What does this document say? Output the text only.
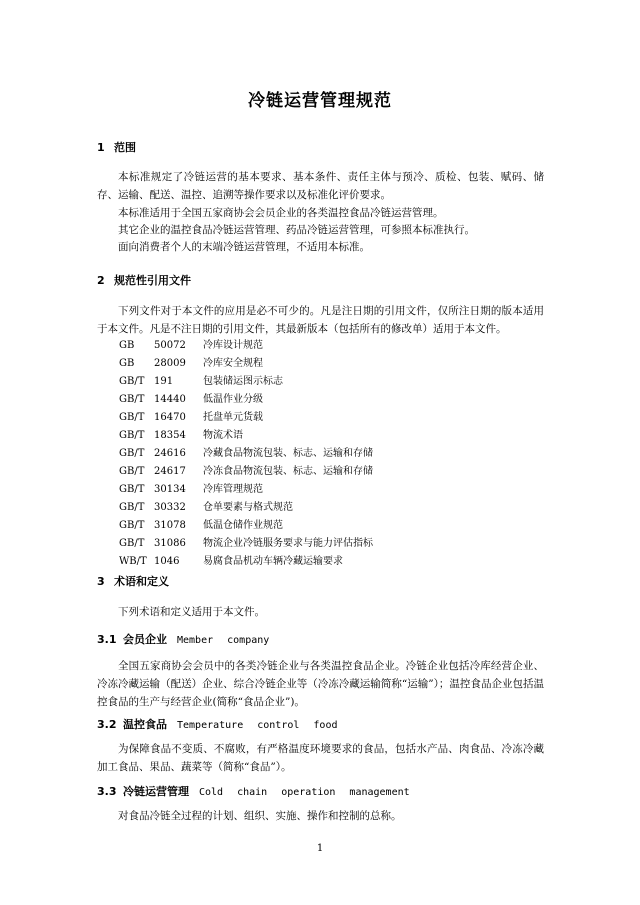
冷链运营管理规范
1 范围
本标准规定了冷链运营的基本要求、基本条件、责任主体与预冷、质检、包装、赋码、储存、运输、配送、温控、追溯等操作要求以及标准化评价要求。
本标准适用于全国五家商协会会员企业的各类温控食品冷链运营管理。
其它企业的温控食品冷链运营管理、药品冷链运营管理，可参照本标准执行。
面向消费者个人的末端冷链运营管理，不适用本标准。
2 规范性引用文件
下列文件对于本文件的应用是必不可少的。凡是注日期的引用文件，仅所注日期的版本适用于本文件。凡是不注日期的引用文件，其最新版本（包括所有的修改单）适用于本文件。
GB 50072 冷库设计规范
GB 28009 冷库安全规程
GB/T 191	包装储运图示标志
GB/T 14440 低温作业分级
GB/T 16470 托盘单元货载
GB/T 18354 物流术语
GB/T 24616 冷藏食品物流包装、标志、运输和存储
GB/T 24617 冷冻食品物流包装、标志、运输和存储
GB/T 30134 冷库管理规范
GB/T 30332 仓单要素与格式规范
GB/T 31078 低温仓储作业规范
GB/T 31086 物流企业冷链服务要求与能力评估指标
WB/T 1046 易腐食品机动车辆冷藏运输要求
3 术语和定义
下列术语和定义适用于本文件。
3.1 会员企业 Member company
全国五家商协会会员中的各类冷链企业与各类温控食品企业。冷链企业包括冷库经营企业、冷冻冷藏运输（配送）企业、综合冷链企业等（冷冻冷藏运输简称“运输”）；温控食品企业包括温控食品的生产与经营企业(简称“食品企业”)。
3.2 温控食品 Temperature control food
为保障食品不变质、不腐败，有严格温度环境要求的食品，包括水产品、肉食品、冷冻冷藏加工食品、果品、蔬菜等（简称“食品”）。
3.3 冷链运营管理 Cold chain operation management
对食品冷链全过程的计划、组织、实施、操作和控制的总称。
1
